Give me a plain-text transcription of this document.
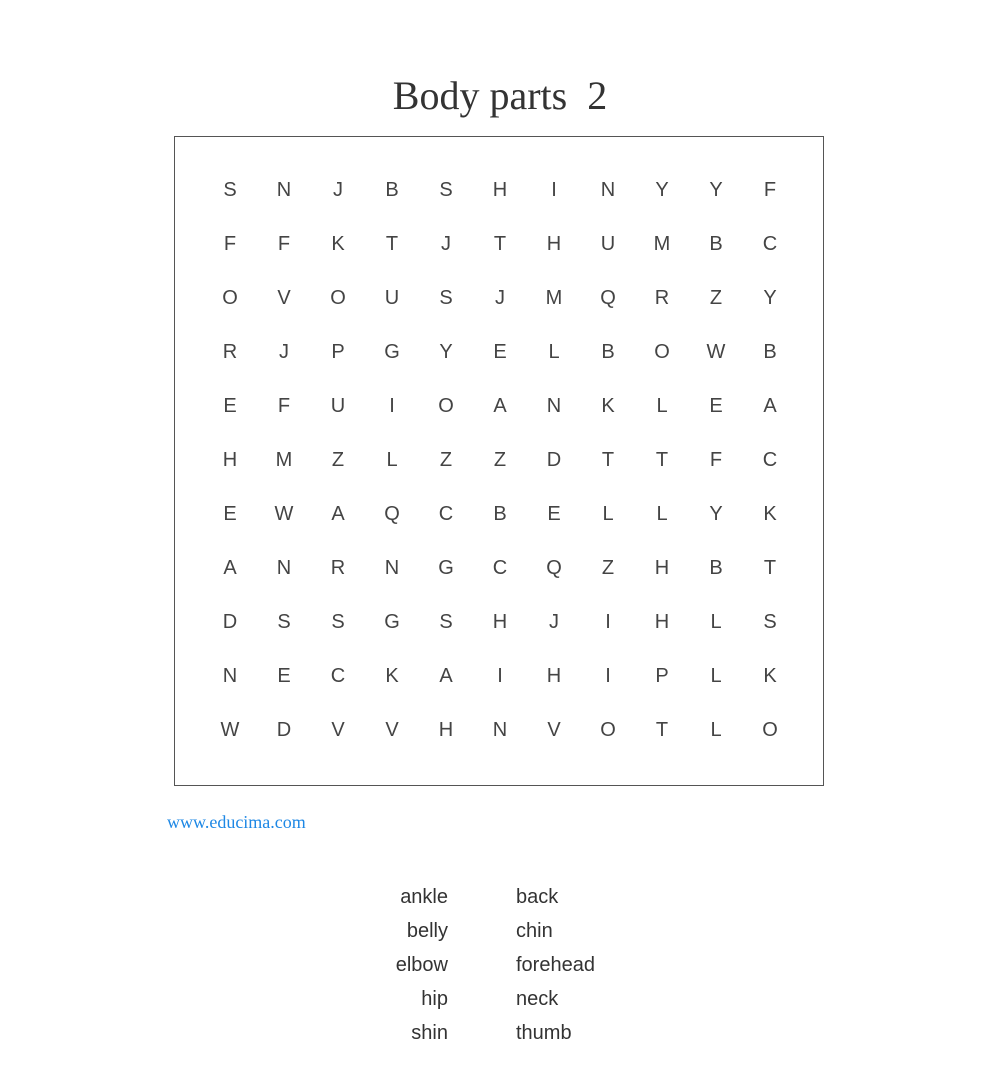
Body parts  2
S	N	J	B	S	H	I	N	Y	Y	F
F	F	K	T	J	T	H	U	M	B	C
O	V	O	U	S	J	M	Q	R	Z	Y
R	J	P	G	Y	E	L	B	O	W	B
E	F	U	I	O	A	N	K	L	E	A
H	M	Z	L	Z	Z	D	T	T	F	C
E	W	A	Q	C	B	E	L	L	Y	K
A	N	R	N	G	C	Q	Z	H	B	T
D	S	S	G	S	H	J	I	H	L	S
N	E	C	K	A	I	H	I	P	L	K
W	D	V	V	H	N	V	O	T	L	O
www.educima.com
ankle	back
belly	chin
elbow	forehead
hip	neck
shin	thumb
